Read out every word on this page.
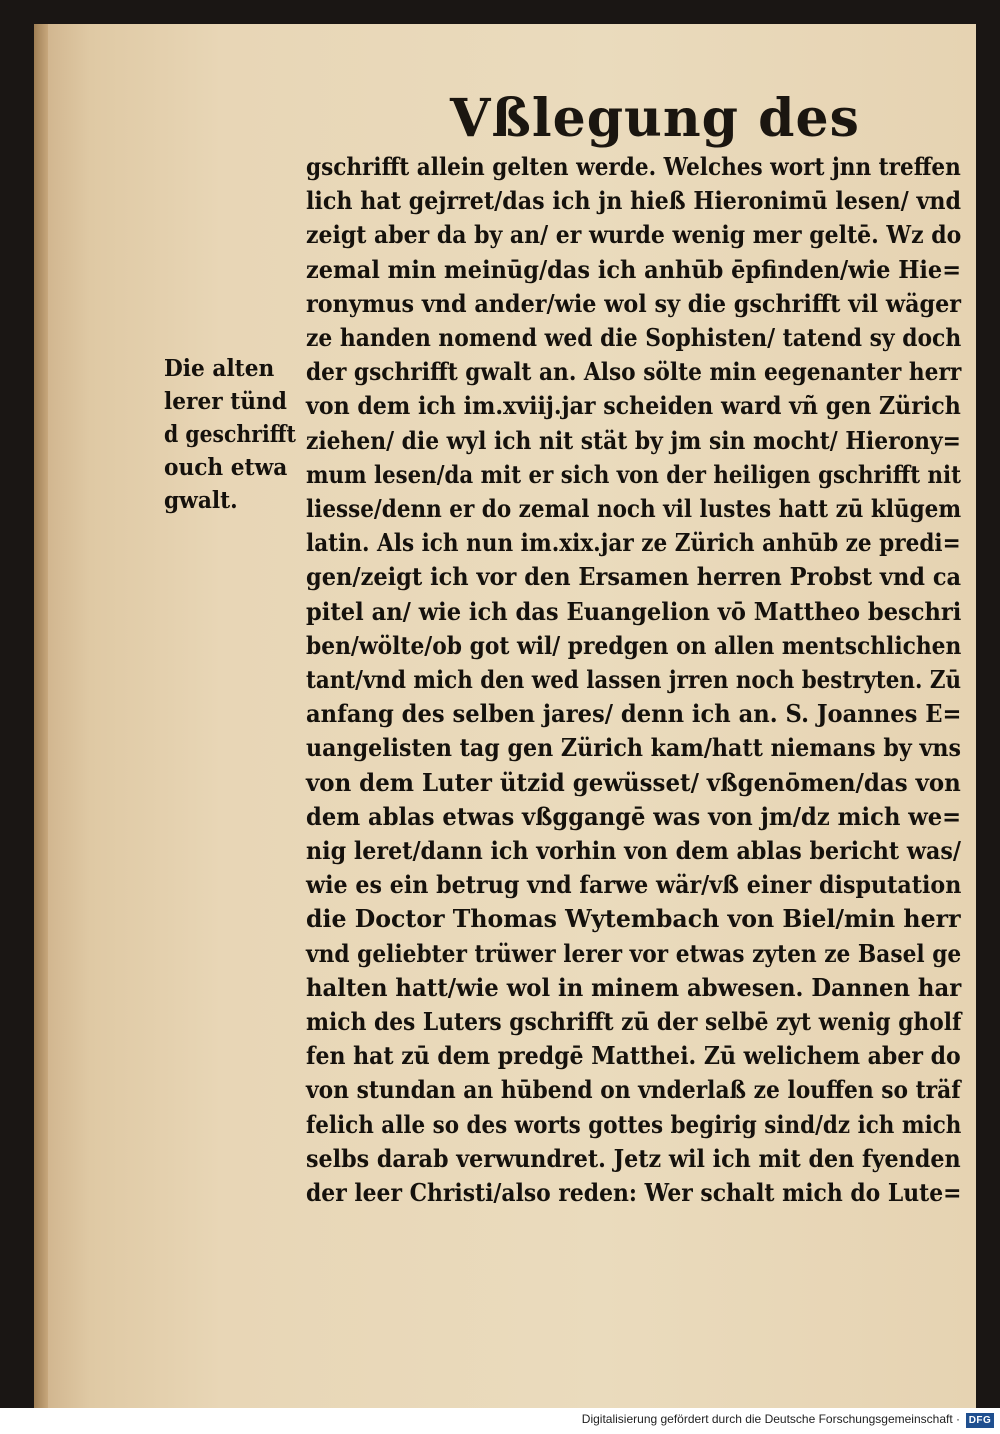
Vßlegung des
Die alten
lerer tünd
d geschrifft
ouch etwa
gwalt.
gschrifft allein gelten werde. Welches wort jnn treffen
lich hat gejrret/das ich jn hieß Hieronimū lesen/ vnd
zeigt aber da by an/ er wurde wenig mer geltē. Wz do
zemal min meinūg/das ich anhūb ēpfinden/wie Hie=
ronymus vnd ander/wie wol sy die gschrifft vil wäger
ze handen nomend wed die Sophisten/ tatend sy doch
der gschrifft gwalt an. Also sölte min eegenanter herr
von dem ich im.xviij.jar scheiden ward vñ gen Zürich
ziehen/ die wyl ich nit stät by jm sin mocht/ Hierony=
mum lesen/da mit er sich von der heiligen gschrifft nit
liesse/denn er do zemal noch vil lustes hatt zū klūgem
latin. Als ich nun im.xix.jar ze Zürich anhūb ze predi=
gen/zeigt ich vor den Ersamen herren Probst vnd ca
pitel an/ wie ich das Euangelion vō Mattheo beschri
ben/wölte/ob got wil/ predgen on allen mentschlichen
tant/vnd mich den wed lassen jrren noch bestryten. Zū
anfang des selben jares/ denn ich an. S. Joannes E=
uangelisten tag gen Zürich kam/hatt niemans by vns
von dem Luter ützid gewüsset/ vßgenōmen/das von
dem ablas etwas vßggangē was von jm/dz mich we=
nig leret/dann ich vorhin von dem ablas bericht was/
wie es ein betrug vnd farwe wär/vß einer disputation
die Doctor Thomas Wytembach von Biel/min herr
vnd geliebter trüwer lerer vor etwas zyten ze Basel ge
halten hatt/wie wol in minem abwesen. Dannen har
mich des Luters gschrifft zū der selbē zyt wenig gholf
fen hat zū dem predgē Matthei. Zū welichem aber do
von stundan an hūbend on vnderlaß ze louffen so träf
felich alle so des worts gottes begirig sind/dz ich mich
selbs darab verwundret. Jetz wil ich mit den fyenden
der leer Christi/also reden: Wer schalt mich do Lute=
Digitalisierung gefördert durch die Deutsche Forschungsgemeinschaft · DFG
